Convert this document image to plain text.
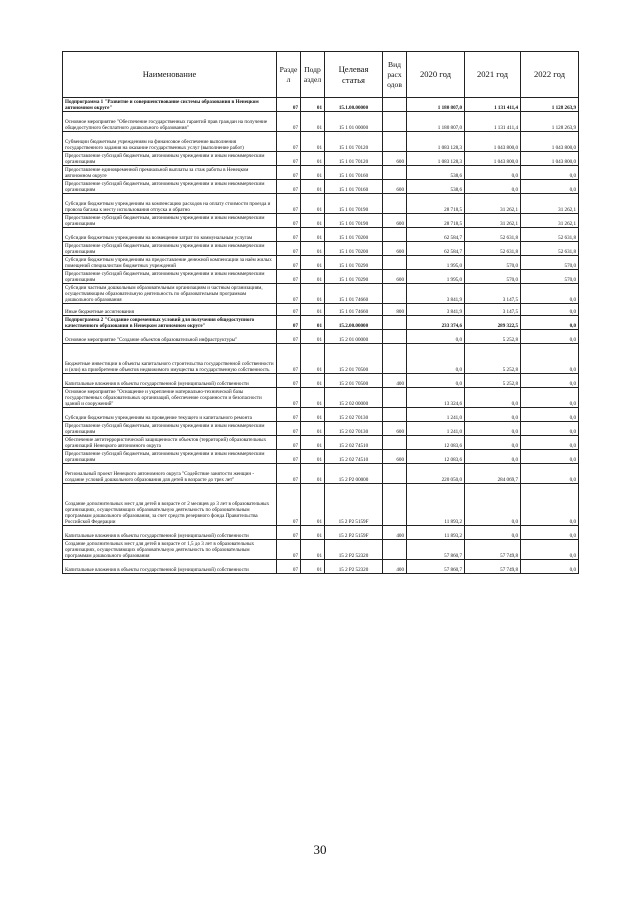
Наименование	Разде л	Подр аздел	Целевая статья	Вид расх одов	2020 год	2021 год	2022 год
Подпрограмма 1 "Развитие и совершенствование системы образования в Ненецком автономном округе"	07	01	15.1.00.00000		1 180 807,0	1 131 411,4	1 128 263,9
Основное мероприятие "Обеспечение государственных гарантий прав граждан на получение общедоступного бесплатного дошкольного образования"	07	01	15 1 01 00000		1 180 807,0	1 131 411,4	1 128 263,9
Субвенции бюджетным учреждениям на финансовое обеспечение выполнения государственного задания на оказание государственных услуг (выполнение работ)	07	01	15 1 01 70120		1 083 128,3	1 043 800,0	1 043 800,0
Предоставление субсидий бюджетным, автономным учреждениям и иным некоммерческим организациям	07	01	15 1 01 70120	600	1 083 128,3	1 043 800,0	1 043 800,0
Предоставление единовременной премиальной выплаты за стаж работы в Ненецком автономном округе	07	01	15 1 01 70160		538,6	0,0	0,0
Предоставление субсидий бюджетным, автономным учреждениям и иным некоммерческим организациям	07	01	15 1 01 70160	600	538,6	0,0	0,0
Субсидии бюджетным учреждениям на компенсацию расходов на оплату стоимости проезда и провоза багажа к месту использования отпуска и обратно	07	01	15 1 01 70190		28 718,5	31 262,1	31 262,1
Предоставление субсидий бюджетным, автономным учреждениям и иным некоммерческим организациям	07	01	15 1 01 70190	600	28 718,5	31 262,1	31 262,1
Субсидии бюджетным учреждениям на возмещение затрат по коммунальным услугам	07	01	15 1 01 70200		62 584,7	52 631,8	52 631,8
Предоставление субсидий бюджетным, автономным учреждениям и иным некоммерческим организациям	07	01	15 1 01 70200	600	62 584,7	52 631,8	52 631,8
Субсидии бюджетным учреждениям на предоставление денежной компенсации за наём жилых помещений специалистам бюджетных учреждений	07	01	15 1 01 70290		1 995,0	570,0	570,0
Предоставление субсидий бюджетным, автономным учреждениям и иным некоммерческим организациям	07	01	15 1 01 70290	600	1 995,0	570,0	570,0
Субсидии частным дошкольным образовательным организациям и частным организациям, осуществляющим образовательную деятельность по образовательным программам дошкольного образования	07	01	15 1 01 74660		3 841,9	3 147,5	0,0
Иные бюджетные ассигнования	07	01	15 1 01 74660	800	3 841,9	3 147,5	0,0
Подпрограмма 2 "Создание современных условий для получения общедоступного качественного образования в Ненецком автономном округе"	07	01	15.2.00.00000		233 374,6	289 322,5	0,0
Основное мероприятие "Создание объектов образовательной инфраструктуры"	07	01	15 2 01 00000		0,0	5 252,8	0,0
Бюджетные инвестиции в объекты капитального строительства государственной собственности и (или) на приобретение объектов недвижимого имущества в государственную собственность	07	01	15 2 01 70500		0,0	5 252,8	0,0
Капитальные вложения в объекты государственной (муниципальной) собственности	07	01	15 2 01 70500	400	0,0	5 252,8	0,0
Основное мероприятие "Оснащение и укрепление материально-технической базы государственных образовательных организаций, обеспечение сохранности и безопасности зданий и сооружений"	07	01	15 2 02 00000		13 324,6	0,0	0,0
Субсидии бюджетным учреждениям на проведение текущего и капитального ремонта	07	01	15 2 02 70130		1 241,0	0,0	0,0
Предоставление субсидий бюджетным, автономным учреждениям и иным некоммерческим организациям	07	01	15 2 02 70130	600	1 241,0	0,0	0,0
Обеспечение антитеррористической защищенности объектов (территорий) образовательных организаций Ненецкого автономного округа	07	01	15 2 02 74510		12 083,6	0,0	0,0
Предоставление субсидий бюджетным, автономным учреждениям и иным некоммерческим организациям	07	01	15 2 02 74510	600	12 083,6	0,0	0,0
Региональный проект Ненецкого автономного округа "Содействие занятости женщин - создание условий дошкольного образования для детей в возрасте до трех лет"	07	01	15 2 P2 00000		220 050,0	284 069,7	0,0
Создание дополнительных мест для детей в возрасте от 2 месяцев до 3 лет в образовательных организациях, осуществляющих образовательную деятельность по образовательным программам дошкольного образования, за счет средств резервного фонда Правительства Российской Федерации	07	01	15 2 P2 5159F		11 893,2	0,0	0,0
Капитальные вложения в объекты государственной (муниципальной) собственности	07	01	15 2 P2 5159F	400	11 893,2	0,0	0,0
Создание дополнительных мест для детей в возрасте от 1,5 до 3 лет в образовательных организациях, осуществляющих образовательную деятельность по образовательным программам дошкольного образования	07	01	15 2 P2 52320		57 860,7	57 749,8	0,0
Капитальные вложения в объекты государственной (муниципальной) собственности	07	01	15 2 P2 52320	400	57 860,7	57 749,8	0,0
30
